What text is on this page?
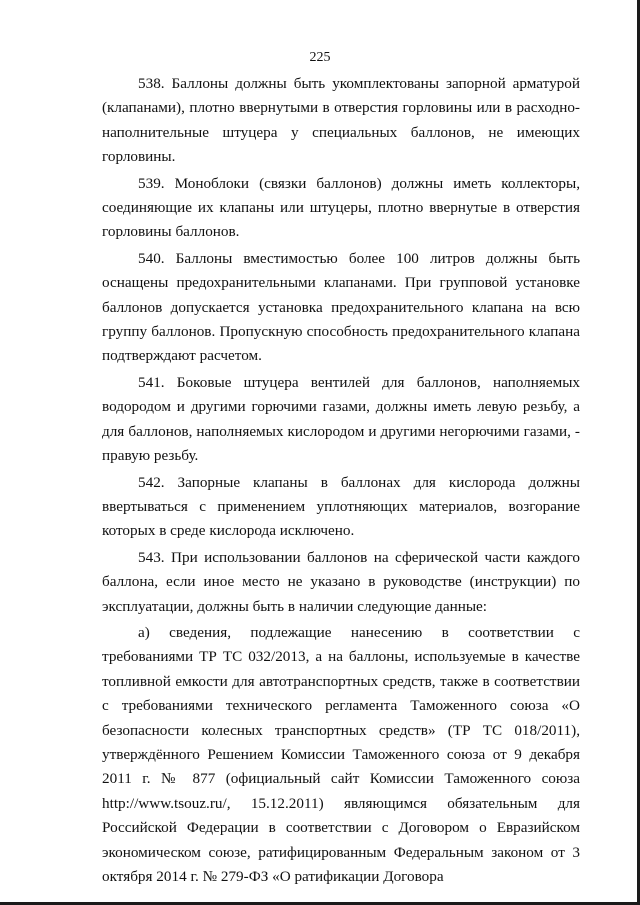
225

538. Баллоны должны быть укомплектованы запорной арматурой (клапанами), плотно ввернутыми в отверстия горловины или в расходно-наполнительные штуцера у специальных баллонов, не имеющих горловины.

539. Моноблоки (связки баллонов) должны иметь коллекторы, соединяющие их клапаны или штуцеры, плотно ввернутые в отверстия горловины баллонов.

540. Баллоны вместимостью более 100 литров должны быть оснащены предохранительными клапанами. При групповой установке баллонов допускается установка предохранительного клапана на всю группу баллонов. Пропускную способность предохранительного клапана подтверждают расчетом.

541. Боковые штуцера вентилей для баллонов, наполняемых водородом и другими горючими газами, должны иметь левую резьбу, а для баллонов, наполняемых кислородом и другими негорючими газами, - правую резьбу.

542. Запорные клапаны в баллонах для кислорода должны ввертываться с применением уплотняющих материалов, возгорание которых в среде кислорода исключено.

543. При использовании баллонов на сферической части каждого баллона, если иное место не указано в руководстве (инструкции) по эксплуатации, должны быть в наличии следующие данные:

а) сведения, подлежащие нанесению в соответствии с требованиями ТР ТС 032/2013, а на баллоны, используемые в качестве топливной емкости для автотранспортных средств, также в соответствии с требованиями технического регламента Таможенного союза «О безопасности колесных транспортных средств» (ТР ТС 018/2011), утверждённого Решением Комиссии Таможенного союза от 9 декабря 2011 г. № 877 (официальный сайт Комиссии Таможенного союза http://www.tsouz.ru/, 15.12.2011) являющимся обязательным для Российской Федерации в соответствии с Договором о Евразийском экономическом союзе, ратифицированным Федеральным законом от 3 октября 2014 г. № 279-ФЗ «О ратификации Договора
